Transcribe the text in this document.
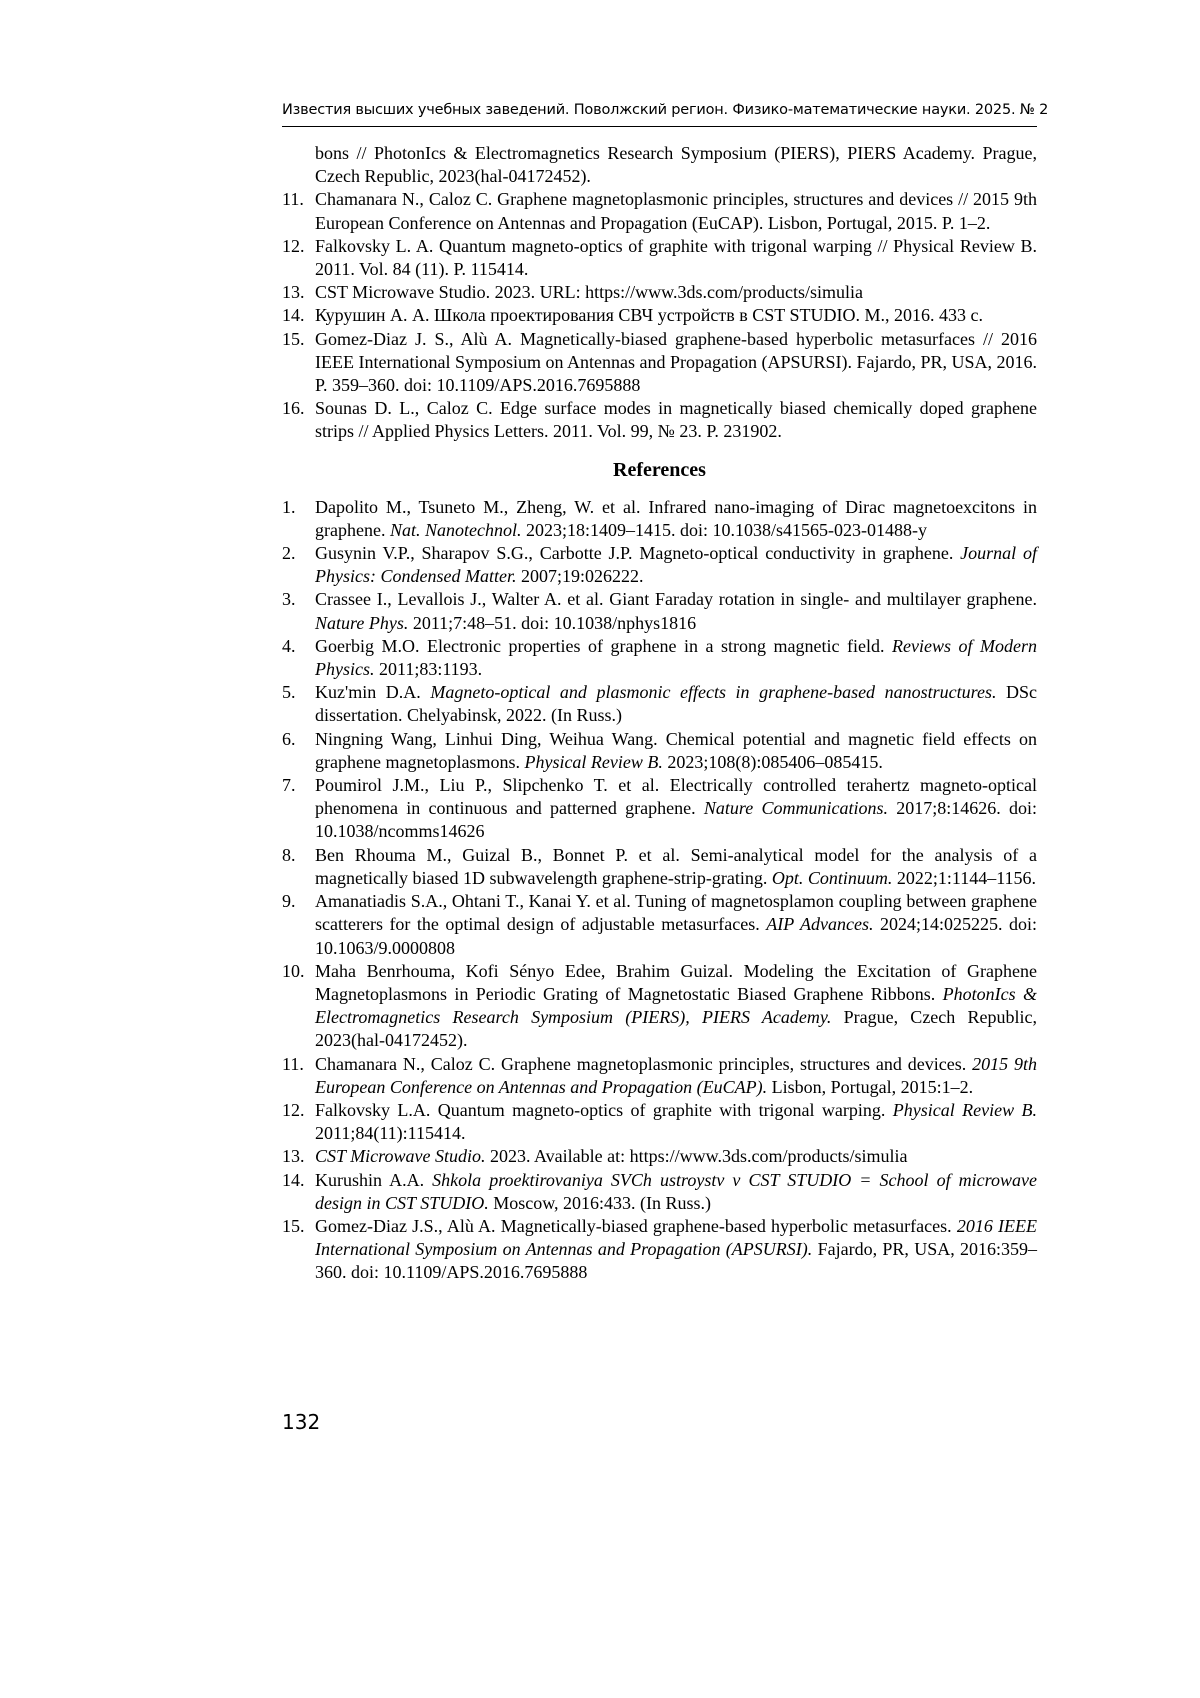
Известия высших учебных заведений. Поволжский регион. Физико-математические науки. 2025. № 2
bons // PhotonIcs & Electromagnetics Research Symposium (PIERS), PIERS Academy. Prague, Czech Republic, 2023(hal-04172452).
11. Chamanara N., Caloz C. Graphene magnetoplasmonic principles, structures and devices // 2015 9th European Conference on Antennas and Propagation (EuCAP). Lisbon, Portugal, 2015. P. 1–2.
12. Falkovsky L. A. Quantum magneto-optics of graphite with trigonal warping // Physical Review B. 2011. Vol. 84 (11). P. 115414.
13. CST Microwave Studio. 2023. URL: https://www.3ds.com/products/simulia
14. Курушин А. А. Школа проектирования СВЧ устройств в CST STUDIO. М., 2016. 433 с.
15. Gomez-Diaz J. S., Alù A. Magnetically-biased graphene-based hyperbolic metasurfaces // 2016 IEEE International Symposium on Antennas and Propagation (APSURSI). Fajardo, PR, USA, 2016. P. 359–360. doi: 10.1109/APS.2016.7695888
16. Sounas D. L., Caloz C. Edge surface modes in magnetically biased chemically doped graphene strips // Applied Physics Letters. 2011. Vol. 99, № 23. P. 231902.
References
1. Dapolito M., Tsuneto M., Zheng, W. et al. Infrared nano-imaging of Dirac magnetoexcitons in graphene. Nat. Nanotechnol. 2023;18:1409–1415. doi: 10.1038/s41565-023-01488-y
2. Gusynin V.P., Sharapov S.G., Carbotte J.P. Magneto-optical conductivity in graphene. Journal of Physics: Condensed Matter. 2007;19:026222.
3. Crassee I., Levallois J., Walter A. et al. Giant Faraday rotation in single- and multilayer graphene. Nature Phys. 2011;7:48–51. doi: 10.1038/nphys1816
4. Goerbig M.O. Electronic properties of graphene in a strong magnetic field. Reviews of Modern Physics. 2011;83:1193.
5. Kuz'min D.A. Magneto-optical and plasmonic effects in graphene-based nanostructures. DSc dissertation. Chelyabinsk, 2022. (In Russ.)
6. Ningning Wang, Linhui Ding, Weihua Wang. Chemical potential and magnetic field effects on graphene magnetoplasmons. Physical Review B. 2023;108(8):085406–085415.
7. Poumirol J.M., Liu P., Slipchenko T. et al. Electrically controlled terahertz magneto-optical phenomena in continuous and patterned graphene. Nature Communications. 2017;8:14626. doi: 10.1038/ncomms14626
8. Ben Rhouma M., Guizal B., Bonnet P. et al. Semi-analytical model for the analysis of a magnetically biased 1D subwavelength graphene-strip-grating. Opt. Continuum. 2022;1:1144–1156.
9. Amanatiadis S.A., Ohtani T., Kanai Y. et al. Tuning of magnetosplamon coupling between graphene scatterers for the optimal design of adjustable metasurfaces. AIP Advances. 2024;14:025225. doi: 10.1063/9.0000808
10. Maha Benrhouma, Kofi Sényo Edee, Brahim Guizal. Modeling the Excitation of Graphene Magnetoplasmons in Periodic Grating of Magnetostatic Biased Graphene Ribbons. PhotonIcs & Electromagnetics Research Symposium (PIERS), PIERS Academy. Prague, Czech Republic, 2023(hal-04172452).
11. Chamanara N., Caloz C. Graphene magnetoplasmonic principles, structures and devices. 2015 9th European Conference on Antennas and Propagation (EuCAP). Lisbon, Portugal, 2015:1–2.
12. Falkovsky L.A. Quantum magneto-optics of graphite with trigonal warping. Physical Review B. 2011;84(11):115414.
13. CST Microwave Studio. 2023. Available at: https://www.3ds.com/products/simulia
14. Kurushin A.A. Shkola proektirovaniya SVCh ustroystv v CST STUDIO = School of microwave design in CST STUDIO. Moscow, 2016:433. (In Russ.)
15. Gomez-Diaz J.S., Alù A. Magnetically-biased graphene-based hyperbolic metasurfaces. 2016 IEEE International Symposium on Antennas and Propagation (APSURSI). Fajardo, PR, USA, 2016:359–360. doi: 10.1109/APS.2016.7695888
132
